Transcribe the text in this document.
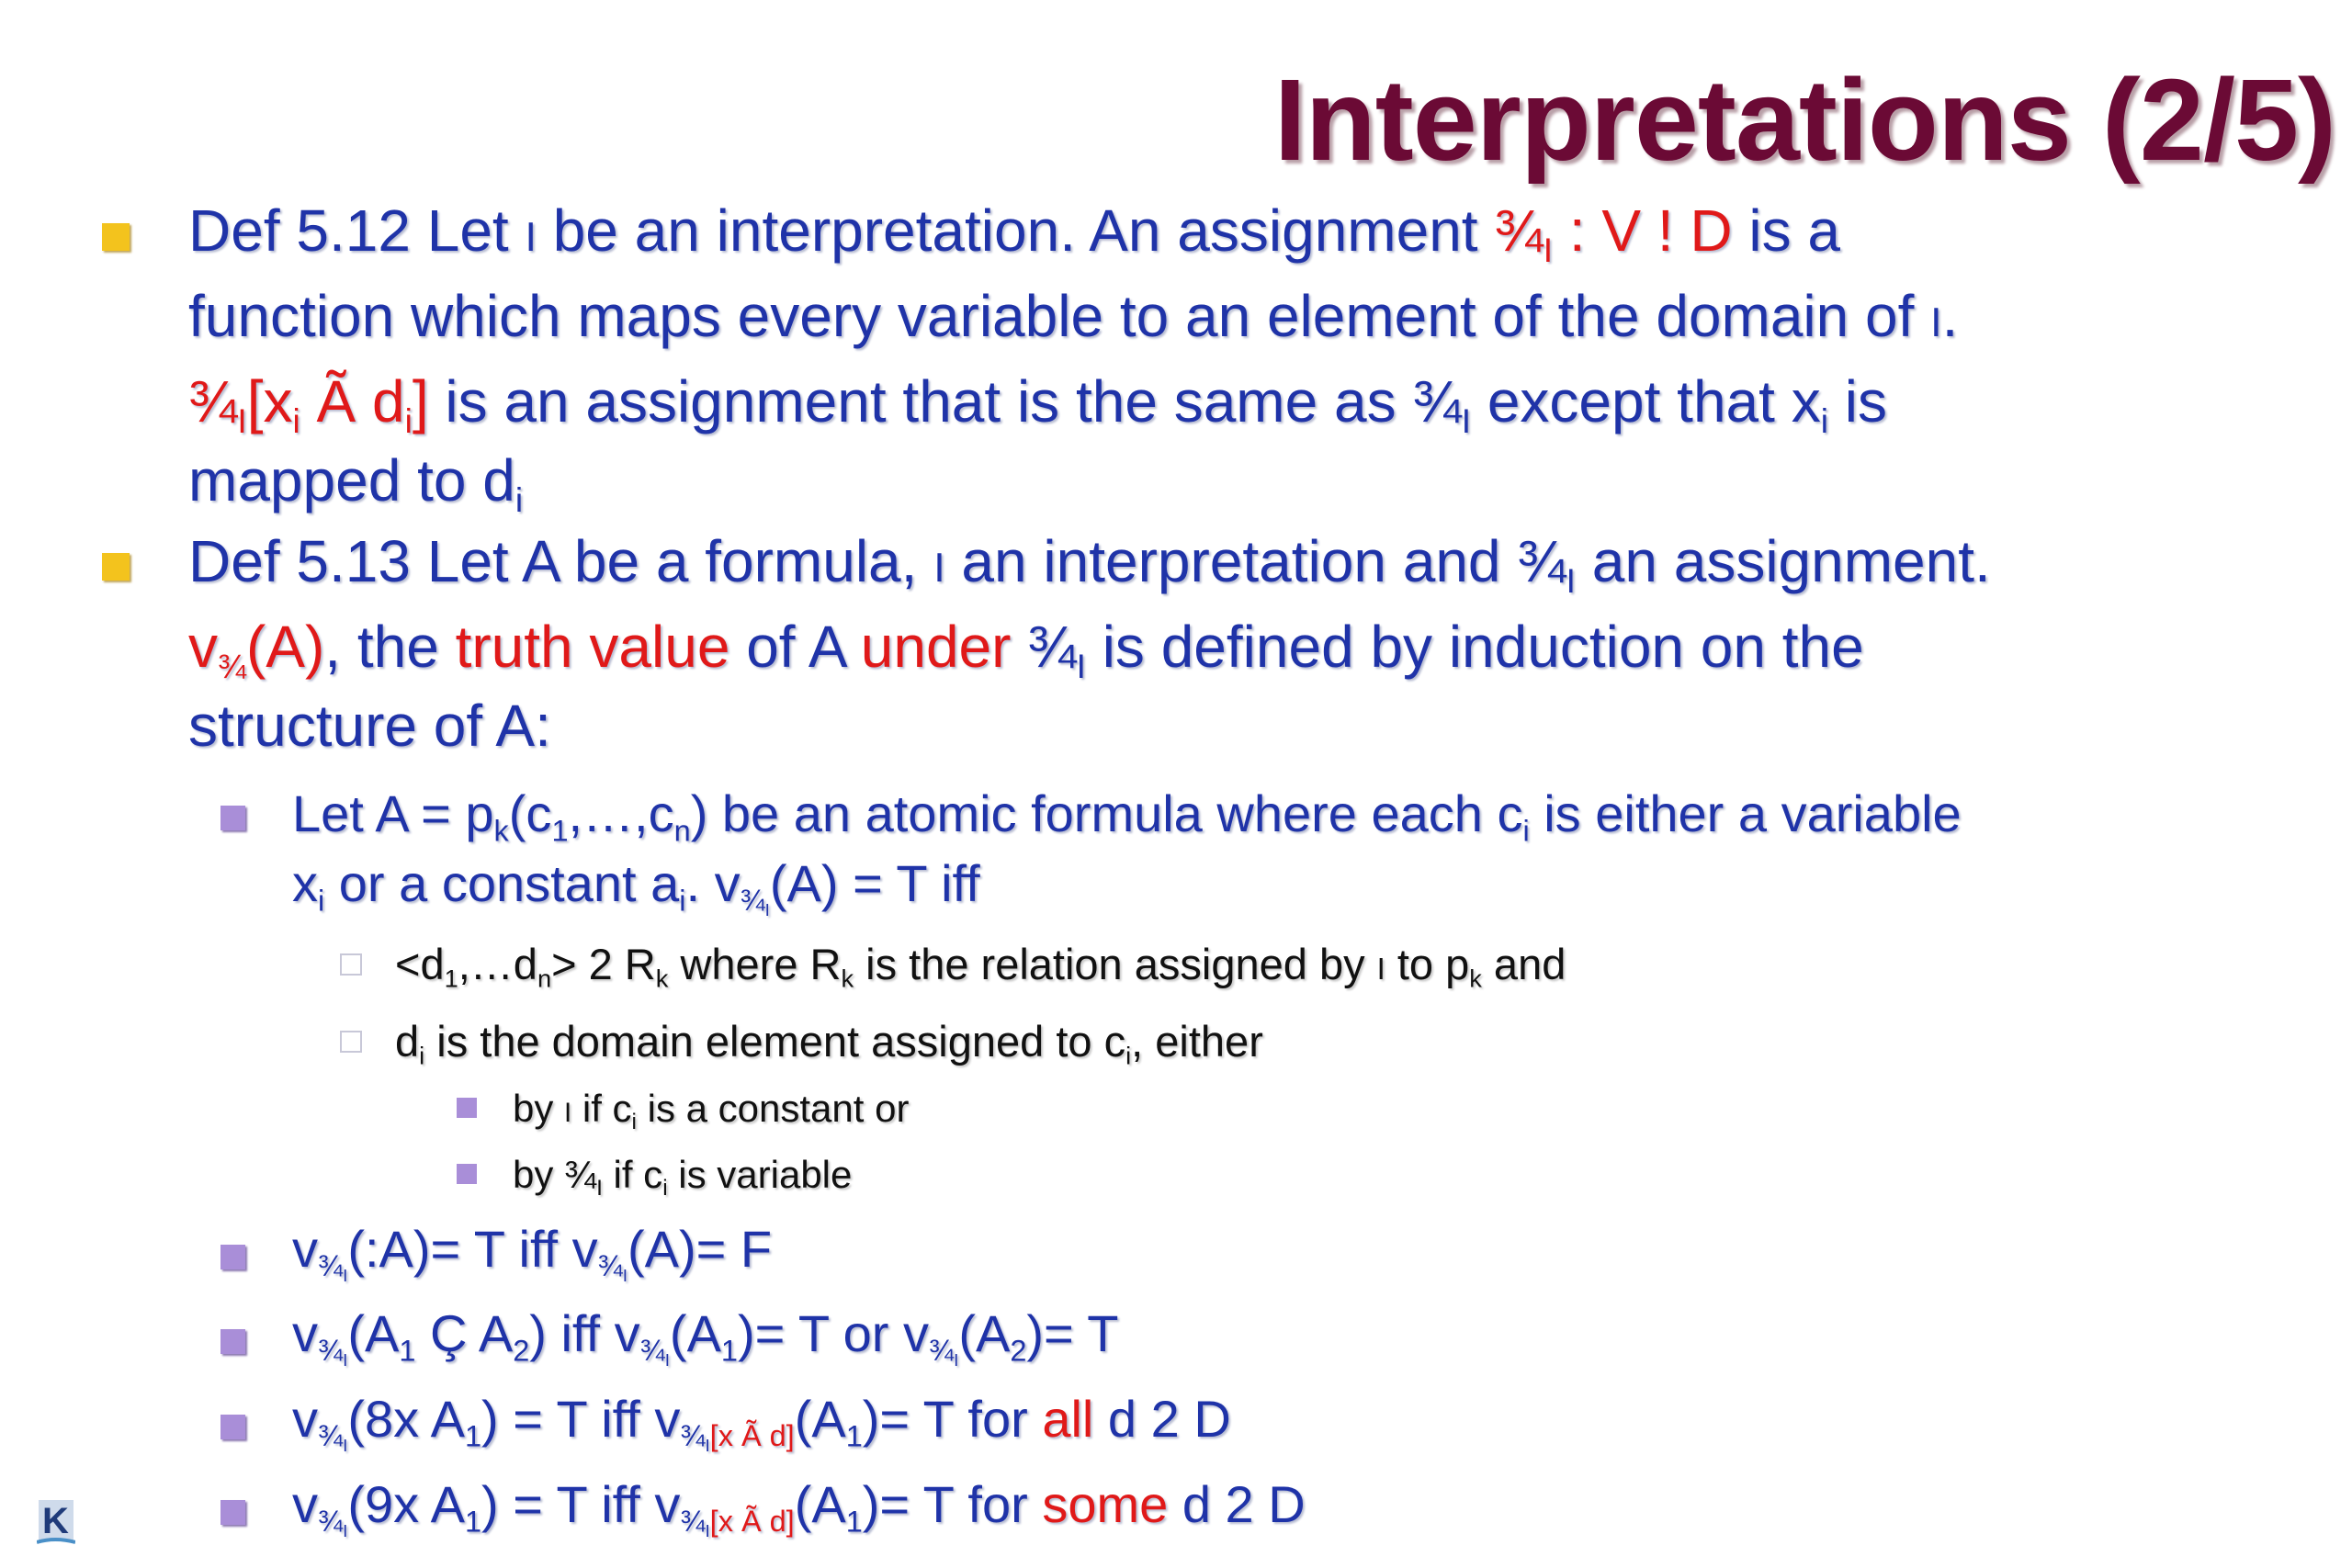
Interpretations (2/5)
Def 5.12 Let I be an interpretation. An assignment $\frac{3}{4}_I$ : V ! D is a
function which maps every variable to an element of the domain of I.
$\frac{3}{4}_I[x_i$ Ã $d_i$] is an assignment that is the same as $\frac{3}{4}_I$ except that $x_i$ is
mapped to $d_i$
Def 5.13 Let A be a formula, I an interpretation and $\frac{3}{4}_I$ an assignment.
$v_{\frac{3}{4}}(A)$, the truth value of A under $\frac{3}{4}_I$ is defined by induction on the
structure of A:
Let $A = p_k(c_1,\dots,c_n)$ be an atomic formula where each $c_i$ is either a variable
$x_i$ or a constant $a_i$. $v_{\frac{3}{4}_I}(A) = T$ iff
$<d_1,\dots d_n> 2$ $R_k$ where $R_k$ is the relation assigned by I to $p_k$ and
$d_i$ is the domain element assigned to $c_i$, either
by I if $c_i$ is a constant or
by $\frac{3}{4}_I$ if $c_i$ is variable
$v_{\frac{3}{4}_I}(:A)= T$ iff $v_{\frac{3}{4}_I}(A)= F$
$v_{\frac{3}{4}_I}(A_1$ Ç $A_2$) iff $v_{\frac{3}{4}_I}(A_1)= T$ or $v_{\frac{3}{4}_I}(A_2)= T$
$v_{\frac{3}{4}_I}(8x$ $A_1) = T$ iff $v_{\frac{3}{4}_I[x Ã d]}(A_1)= T$ for all d 2 D
$v_{\frac{3}{4}_I}(9x$ $A_1) = T$ iff $v_{\frac{3}{4}_I[x Ã d]}(A_1)= T$ for some d 2 D
K
